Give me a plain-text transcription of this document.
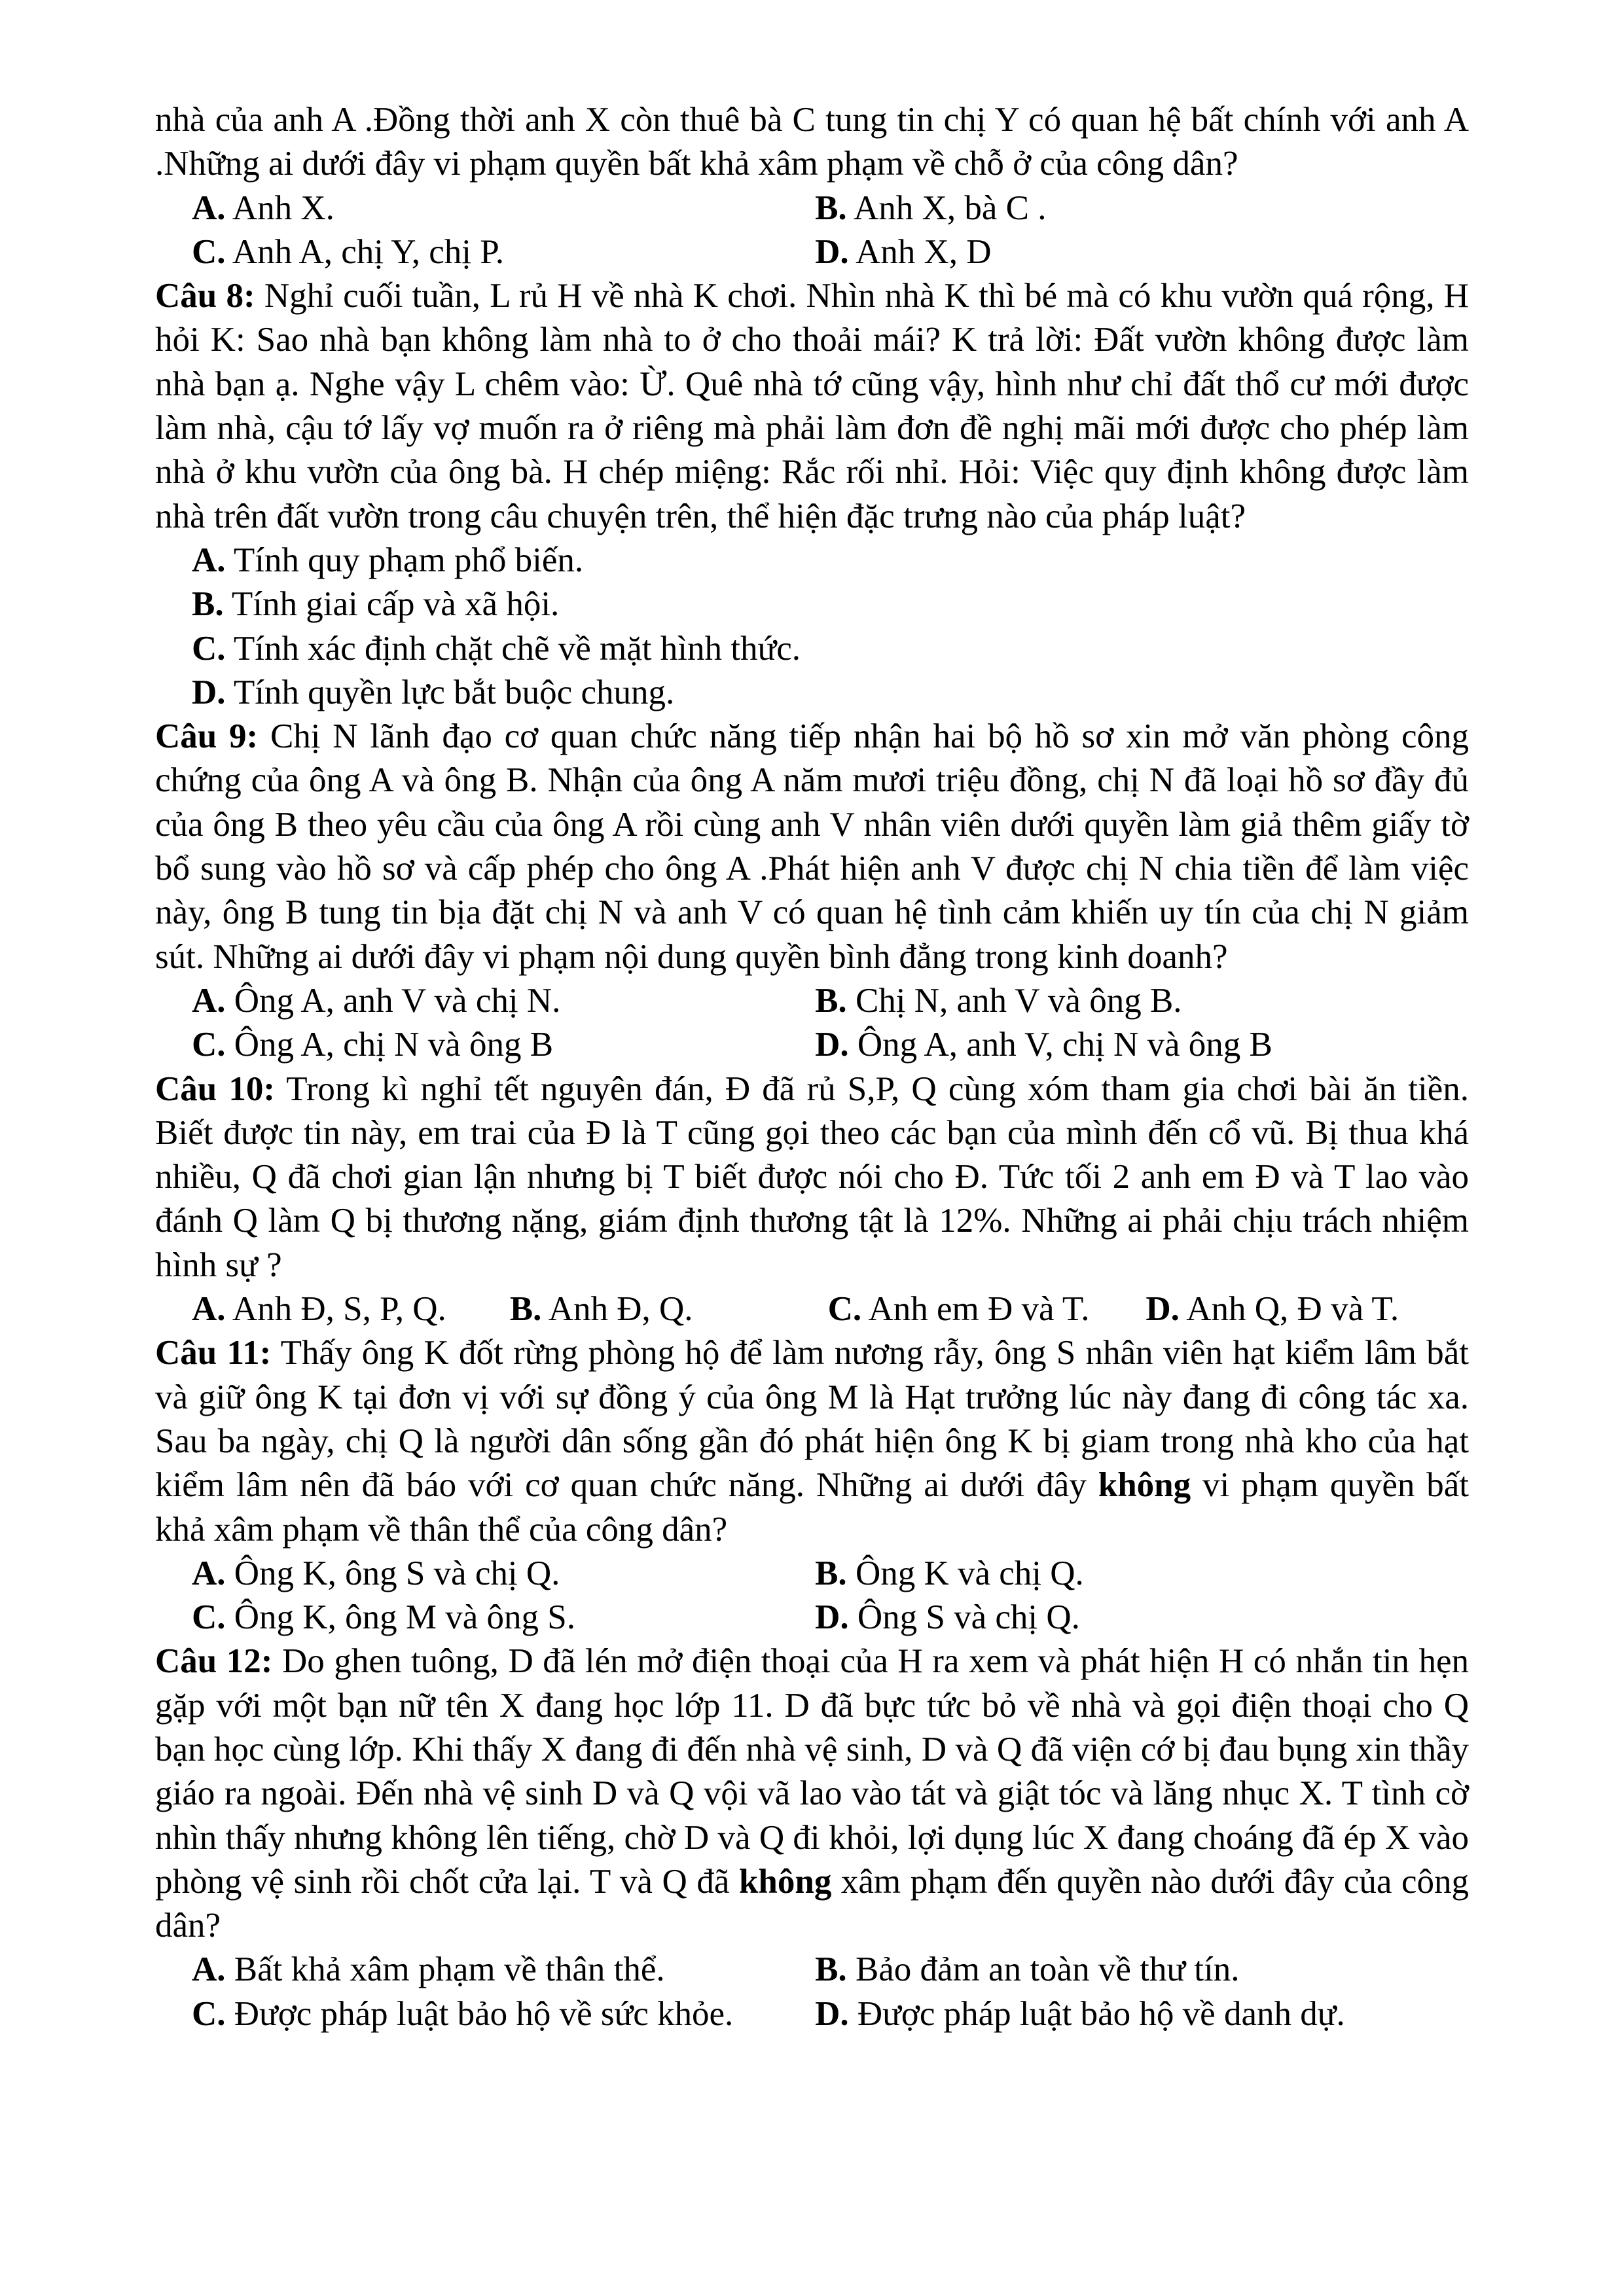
nhà của anh A .Đồng thời anh X còn thuê bà C tung tin chị Y có quan hệ bất chính với anh A .Những ai dưới đây vi phạm quyền bất khả xâm phạm về chỗ ở của công dân?

A. Anh X.	B. Anh X, bà C .
C. Anh A, chị Y, chị P.	D. Anh X, D

Câu 8: Nghỉ cuối tuần, L rủ H về nhà K chơi. Nhìn nhà K thì bé mà có khu vườn quá rộng, H hỏi K: Sao nhà bạn không làm nhà to ở cho thoải mái? K trả lời: Đất vườn không được làm nhà bạn ạ. Nghe vậy L chêm vào: Ừ. Quê nhà tớ cũng vậy, hình như chỉ đất thổ cư mới được làm nhà, cậu tớ lấy vợ muốn ra ở riêng mà phải làm đơn đề nghị mãi mới được cho phép làm nhà ở khu vườn của ông bà. H chép miệng: Rắc rối nhỉ. Hỏi: Việc quy định không được làm nhà trên đất vườn trong câu chuyện trên, thể hiện đặc trưng nào của pháp luật?

A. Tính quy phạm phổ biến.
B. Tính giai cấp và xã hội.
C. Tính xác định chặt chẽ về mặt hình thức.
D. Tính quyền lực bắt buộc chung.

Câu 9: Chị N lãnh đạo cơ quan chức năng tiếp nhận hai bộ hồ sơ xin mở văn phòng công chứng của ông A và ông B. Nhận của ông A năm mươi triệu đồng, chị N đã loại hồ sơ đầy đủ của ông B theo yêu cầu của ông A rồi cùng anh V nhân viên dưới quyền làm giả thêm giấy tờ bổ sung vào hồ sơ và cấp phép cho ông A .Phát hiện anh V được chị N chia tiền để làm việc này, ông B tung tin bịa đặt chị N và anh V có quan hệ tình cảm khiến uy tín của chị N giảm sút. Những ai dưới đây vi phạm nội dung quyền bình đẳng trong kinh doanh?

A. Ông A, anh V và chị N.	B. Chị N, anh V và ông B.
C. Ông A, chị N và ông B	D. Ông A, anh V, chị N và ông B

Câu 10: Trong kì nghỉ tết nguyên đán, Đ đã rủ S,P, Q cùng xóm tham gia chơi bài ăn tiền. Biết được tin này, em trai của Đ là T cũng gọi theo các bạn của mình đến cổ vũ. Bị thua khá nhiều, Q đã chơi gian lận nhưng bị T biết được nói cho Đ. Tức tối 2 anh em Đ và T lao vào đánh Q làm Q bị thương nặng, giám định thương tật là 12%. Những ai phải chịu trách nhiệm hình sự ?

A. Anh Đ, S, P, Q.	B. Anh Đ, Q.	C. Anh em Đ và T.	D. Anh Q, Đ và T.

Câu 11: Thấy ông K đốt rừng phòng hộ để làm nương rẫy, ông S nhân viên hạt kiểm lâm bắt và giữ ông K tại đơn vị với sự đồng ý của ông M là Hạt trưởng lúc này đang đi công tác xa. Sau ba ngày, chị Q là người dân sống gần đó phát hiện ông K bị giam trong nhà kho của hạt kiểm lâm nên đã báo với cơ quan chức năng. Những ai dưới đây không vi phạm quyền bất khả xâm phạm về thân thể của công dân?

A. Ông K, ông S và chị Q.	B. Ông K và chị Q.
C. Ông K, ông M và ông S.	D. Ông S và chị Q.

Câu 12: Do ghen tuông, D đã lén mở điện thoại của H ra xem và phát hiện H có nhắn tin hẹn gặp với một bạn nữ tên X đang học lớp 11. D đã bực tức bỏ về nhà và gọi điện thoại cho Q bạn học cùng lớp. Khi thấy X đang đi đến nhà vệ sinh, D và Q đã viện cớ bị đau bụng xin thầy giáo ra ngoài. Đến nhà vệ sinh D và Q vội vã lao vào tát và giật tóc và lăng nhục X. T tình cờ nhìn thấy nhưng không lên tiếng, chờ D và Q đi khỏi, lợi dụng lúc X đang choáng đã ép X vào phòng vệ sinh rồi chốt cửa lại. T và Q đã không xâm phạm đến quyền nào dưới đây của công dân?

A. Bất khả xâm phạm về thân thể.	B. Bảo đảm an toàn về thư tín.
C. Được pháp luật bảo hộ về sức khỏe.	D. Được pháp luật bảo hộ về danh dự.
